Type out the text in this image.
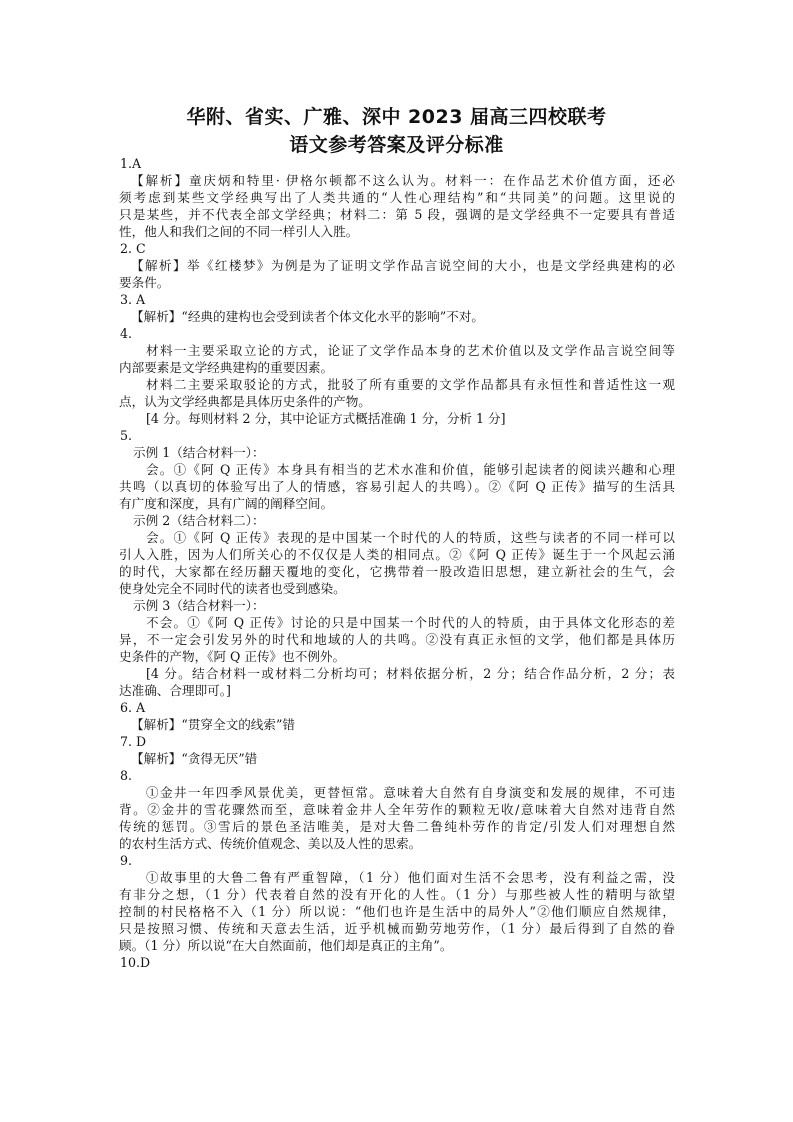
华附、省实、广雅、深中 2023 届高三四校联考
语文参考答案及评分标准
1.A
【解析】童庆炳和特里· 伊格尔顿都不这么认为。材料一：在作品艺术价值方面，还必
须考虑到某些文学经典写出了人类共通的“人性心理结构”和“共同美”的问题。这里说的
只是某些，并不代表全部文学经典；材料二：第 5 段，强调的是文学经典不一定要具有普适
性，他人和我们之间的不同一样引人入胜。
2. C
【解析】举《红楼梦》为例是为了证明文学作品言说空间的大小，也是文学经典建构的必
要条件。
3. A
【解析】“经典的建构也会受到读者个体文化水平的影响”不对。
4.
材料一主要采取立论的方式，论证了文学作品本身的艺术价值以及文学作品言说空间等
内部要素是文学经典建构的重要因素。
材料二主要采取驳论的方式，批驳了所有重要的文学作品都具有永恒性和普适性这一观
点，认为文学经典都是具体历史条件的产物。
[4 分。每则材料 2 分，其中论证方式概括准确 1 分，分析 1 分]
5.
示例 1（结合材料一）：
会。①《阿 Q 正传》本身具有相当的艺术水准和价值，能够引起读者的阅读兴趣和心理
共鸣（以真切的体验写出了人的情感，容易引起人的共鸣）。②《阿 Q 正传》描写的生活具
有广度和深度，具有广阔的阐释空间。
示例 2（结合材料二）：
会。①《阿 Q 正传》表现的是中国某一个时代的人的特质，这些与读者的不同一样可以
引人入胜，因为人们所关心的不仅仅是人类的相同点。②《阿 Q 正传》诞生于一个风起云涌
的时代，大家都在经历翻天覆地的变化，它携带着一股改造旧思想，建立新社会的生气，会
使身处完全不同时代的读者也受到感染。
示例 3（结合材料一）：
不会。①《阿 Q 正传》讨论的只是中国某一个时代的人的特质，由于具体文化形态的差
异，不一定会引发另外的时代和地域的人的共鸣。②没有真正永恒的文学，他们都是具体历
史条件的产物，《阿 Q 正传》也不例外。
[4 分。结合材料一或材料二分析均可；材料依据分析，2 分；结合作品分析，2 分；表
达准确、合理即可。]
6. A
【解析】“贯穿全文的线索”错
7. D
【解析】“贪得无厌”错
8.
①金井一年四季风景优美，更替恒常。意味着大自然有自身演变和发展的规律，不可违
背。②金井的雪花骤然而至，意味着金井人全年劳作的颗粒无收/意味着大自然对违背自然
传统的惩罚。③雪后的景色圣洁唯美，是对大鲁二鲁纯朴劳作的肯定/引发人们对理想自然
的农村生活方式、传统价值观念、美以及人性的思索。
9.
①故事里的大鲁二鲁有严重智障，（1 分）他们面对生活不会思考，没有利益之需，没
有非分之想，（1 分）代表着自然的没有开化的人性。（1 分）与那些被人性的精明与欲望
控制的村民格格不入（1 分）所以说：“他们也许是生活中的局外人”②他们顺应自然规律，
只是按照习惯、传统和天意去生活，近乎机械而勤劳地劳作，（1 分）最后得到了自然的眷
顾。（1 分）所以说“在大自然面前，他们却是真正的主角”。
10.D
